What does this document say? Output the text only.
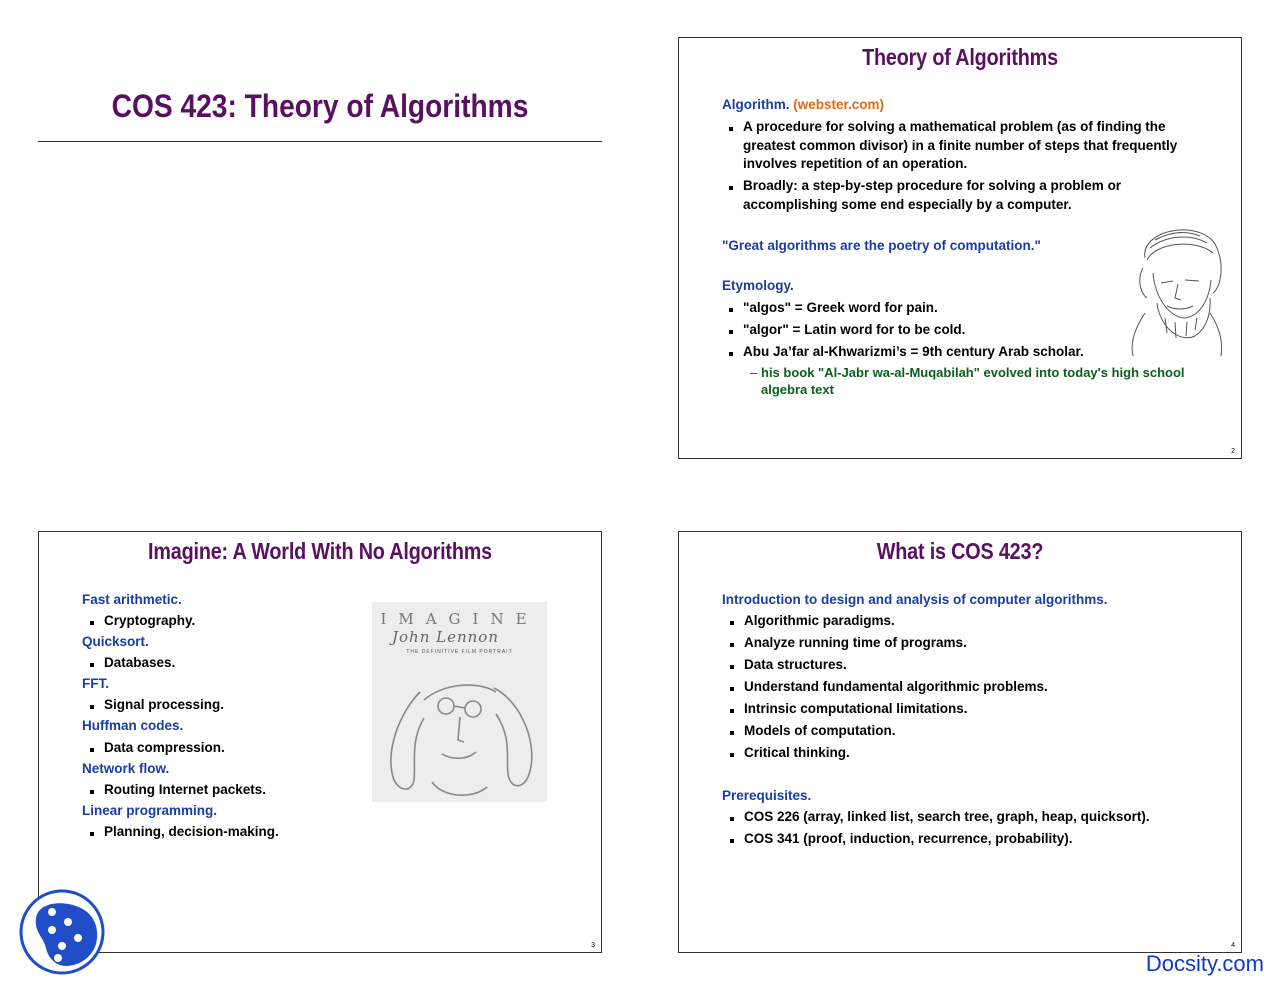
COS 423: Theory of Algorithms
Theory of Algorithms
Algorithm. (webster.com)
A procedure for solving a mathematical problem (as of finding the greatest common divisor) in a finite number of steps that frequently involves repetition of an operation.
Broadly: a step-by-step procedure for solving a problem or accomplishing some end especially by a computer.
"Great algorithms are the poetry of computation."
Etymology.
"algos" = Greek word for pain.
"algor" = Latin word for to be cold.
Abu Ja’far al-Khwarizmi’s = 9th century Arab scholar.
– his book "Al-Jabr wa-al-Muqabilah" evolved into today's high school algebra text
2
Imagine: A World With No Algorithms
Fast arithmetic.
Cryptography.
Quicksort.
Databases.
FFT.
Signal processing.
Huffman codes.
Data compression.
Network flow.
Routing Internet packets.
Linear programming.
Planning, decision-making.
IMAGINE
John Lennon
THE DEFINITIVE FILM PORTRAIT
3
What is COS 423?
Introduction to design and analysis of computer algorithms.
Algorithmic paradigms.
Analyze running time of programs.
Data structures.
Understand fundamental algorithmic problems.
Intrinsic computational limitations.
Models of computation.
Critical thinking.
Prerequisites.
COS 226 (array, linked list, search tree, graph, heap, quicksort).
COS 341 (proof, induction, recurrence, probability).
4
Docsity.com
